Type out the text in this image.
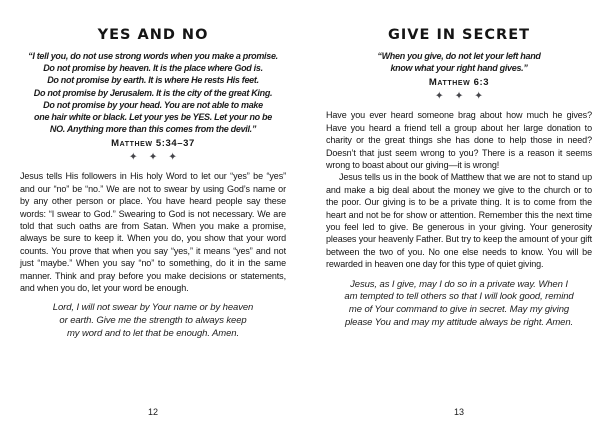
YES AND NO
“I tell you, do not use strong words when you make a promise.
Do not promise by heaven. It is the place where God is.
Do not promise by earth. It is where He rests His feet.
Do not promise by Jerusalem. It is the city of the great King.
Do not promise by your head. You are not able to make
one hair white or black. Let your yes be YES. Let your no be
NO. Anything more than this comes from the devil.”
Matthew 5:34–37
✦ ✦ ✦

Jesus tells His followers in His holy Word to let our “yes” be “yes” and our “no” be “no.” We are not to swear by using God’s name or by any other person or place. You have heard people say these words: “I swear to God.” Swearing to God is not necessary. We are told that such oaths are from Satan. When you make a promise, always be sure to keep it. When you do, you show that your word counts. You prove that when you say “yes,” it means “yes” and not just “maybe.” When you say “no” to something, do it in the same manner. Think and pray before you make decisions or statements, and when you do, let your word be enough.

Lord, I will not swear by Your name or by heaven
or earth. Give me the strength to always keep
my word and to let that be enough. Amen.
12
GIVE IN SECRET
“When you give, do not let your left hand
know what your right hand gives.”
Matthew 6:3
✦ ✦ ✦

Have you ever heard someone brag about how much he gives? Have you heard a friend tell a group about her large donation to charity or the great things she has done to help those in need? Doesn’t that just seem wrong to you? There is a reason it seems wrong to boast about our giving—it is wrong!

Jesus tells us in the book of Matthew that we are not to stand up and make a big deal about the money we give to the church or to the poor. Our giving is to be a private thing. It is to come from the heart and not be for show or attention. Remember this the next time you feel led to give. Be generous in your giving. Your generosity pleases your heavenly Father. But try to keep the amount of your gift between the two of you. No one else needs to know. You will be rewarded in heaven one day for this type of quiet giving.

Jesus, as I give, may I do so in a private way. When I
am tempted to tell others so that I will look good, remind
me of Your command to give in secret. May my giving
please You and may my attitude always be right. Amen.
13
